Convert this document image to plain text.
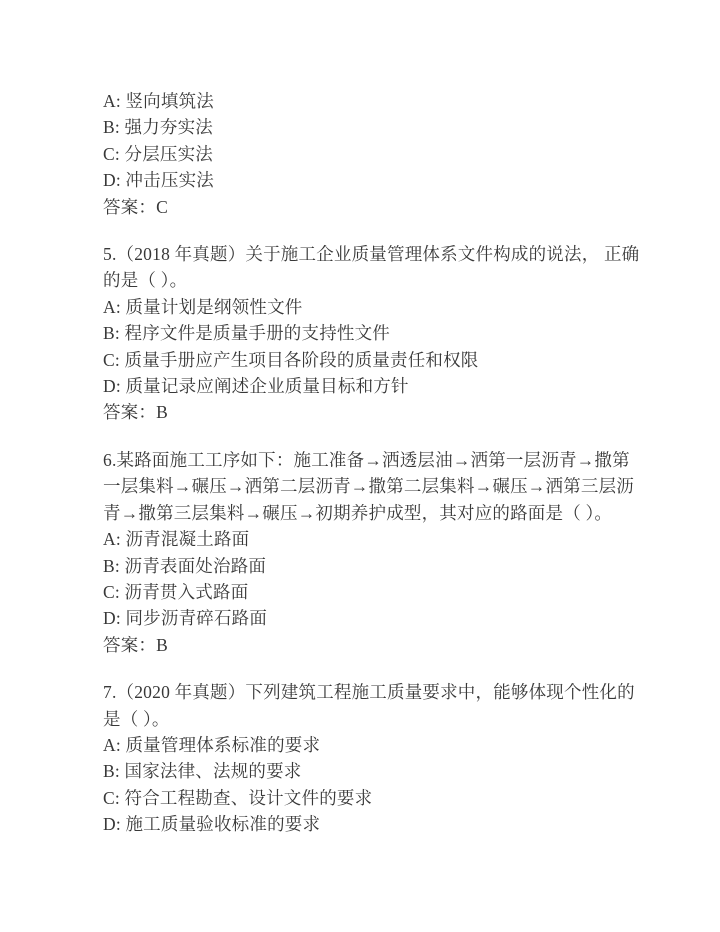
A: 竖向填筑法
B: 强力夯实法
C: 分层压实法
D: 冲击压实法
答案：C
5.（2018 年真题）关于施工企业质量管理体系文件构成的说法， 正确
的是（ ）。
A: 质量计划是纲领性文件
B: 程序文件是质量手册的支持性文件
C: 质量手册应产生项目各阶段的质量责任和权限
D: 质量记录应阐述企业质量目标和方针
答案：B
6.某路面施工工序如下：施工准备→洒透层油→洒第一层沥青→撒第
一层集料→碾压→洒第二层沥青→撒第二层集料→碾压→洒第三层沥
青→撒第三层集料→碾压→初期养护成型，其对应的路面是（ ）。
A: 沥青混凝土路面
B: 沥青表面处治路面
C: 沥青贯入式路面
D: 同步沥青碎石路面
答案：B
7.（2020 年真题）下列建筑工程施工质量要求中，能够体现个性化的
是（ ）。
A: 质量管理体系标准的要求
B: 国家法律、法规的要求
C: 符合工程勘查、设计文件的要求
D: 施工质量验收标准的要求
